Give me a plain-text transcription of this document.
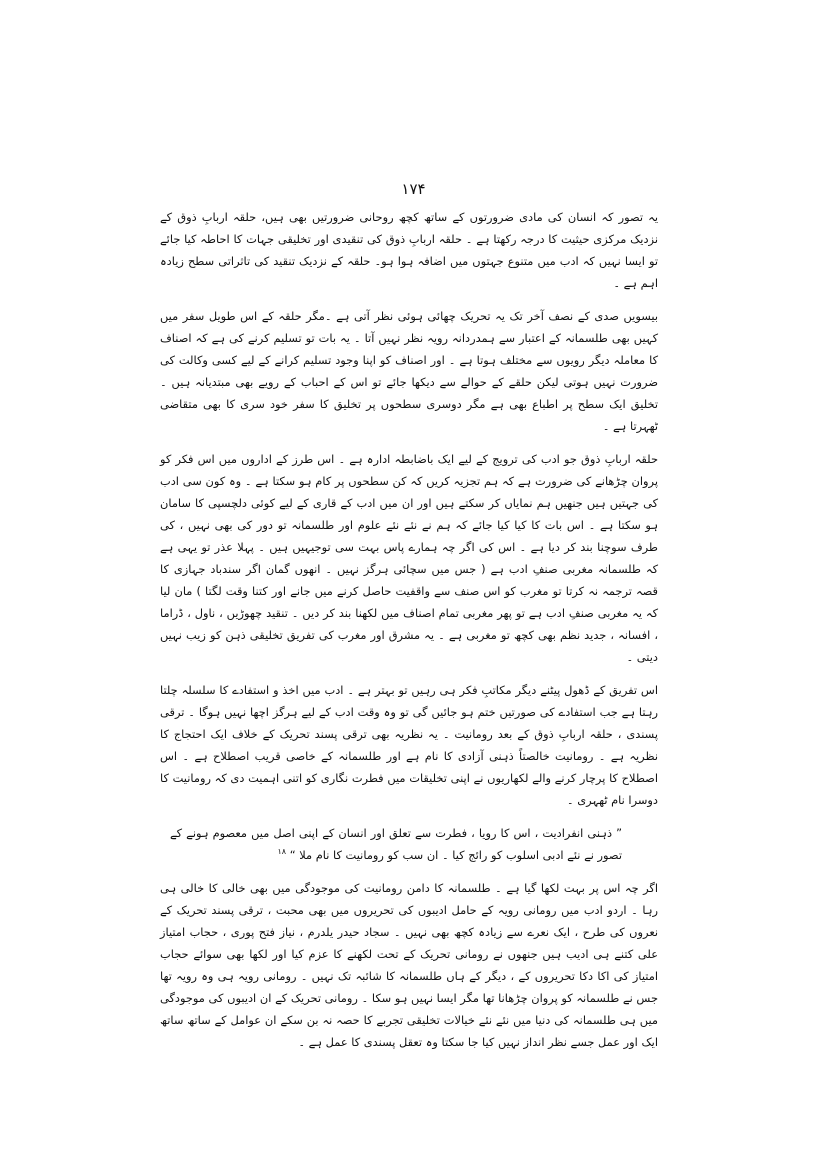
۱۷۴

یہ تصور کہ انسان کی مادی ضرورتوں کے ساتھ کچھ روحانی ضرورتیں بھی ہیں، حلقہ اربابِ ذوق کے نزدیک مرکزی حیثیت کا درجہ رکھتا ہے ۔ حلقہ اربابِ ذوق کی تنقیدی اور تخلیقی جہات کا احاطہ کیا جائے تو ایسا نہیں کہ ادب میں متنوع جہتوں میں اضافہ ہوا ہو۔ حلقہ کے نزدیک تنقید کی تاثراتی سطح زیادہ اہم ہے ۔

بیسویں صدی کے نصف آخر تک یہ تحریک چھائی ہوئی نظر آتی ہے ۔مگر حلقہ کے اس طویل سفر میں کہیں بھی طلسمانہ کے اعتبار سے ہمدردانہ رویہ نظر نہیں آتا ۔ یہ بات تو تسلیم کرنے کی ہے کہ اصناف کا معاملہ دیگر رویوں سے مختلف ہوتا ہے ۔ اور اصناف کو اپنا وجود تسلیم کرانے کے لیے کسی وکالت کی ضرورت نہیں ہوتی لیکن حلقے کے حوالے سے دیکھا جائے تو اس کے احباب کے رویے بھی مبتدیانہ ہیں ۔ تخلیق ایک سطح پر اطباع بھی ہے مگر دوسری سطحوں پر تخلیق کا سفر خود سری کا بھی متقاضی ٹھہرتا ہے ۔

حلقہ اربابِ ذوق جو ادب کی ترویج کے لیے ایک باضابطہ ادارہ ہے ۔ اس طرز کے اداروں میں اس فکر کو پروان چڑھانے کی ضرورت ہے کہ ہم تجزیہ کریں کہ کن سطحوں پر کام ہو سکتا ہے ۔ وہ کون سی ادب کی جہتیں ہیں جنھیں ہم نمایاں کر سکتے ہیں اور ان میں ادب کے قاری کے لیے کوئی دلچسپی کا سامان ہو سکتا ہے ۔ اس بات کا کیا کیا جائے کہ ہم نے نئے نئے علوم اور طلسمانہ تو دور کی بھی نہیں ، کی طرف سوچنا بند کر دیا ہے ۔ اس کی اگر چہ ہمارے پاس بہت سی توجیہیں ہیں ۔ پہلا عذر تو یہی ہے کہ طلسمانہ مغربی صنفِ ادب ہے ( جس میں سچائی ہرگز نہیں ۔ انھوں گمان اگر سندباد جہازی کا قصہ ترجمہ نہ کرتا تو مغرب کو اس صنف سے واقفیت حاصل کرنے میں جانے اور کتنا وقت لگتا ) مان لیا کہ یہ مغربی صنفِ ادب ہے تو پھر مغربی تمام اصناف میں لکھنا بند کر دیں ۔ تنقید چھوڑیں ، ناول ، ڈراما ، افسانہ ، جدید نظم بھی کچھ تو مغربی ہے ۔ یہ مشرق اور مغرب کی تفریق تخلیقی ذہن کو زیب نہیں دیتی ۔

اس تفریق کے ڈھول پیٹنے دیگر مکاتبِ فکر ہی رہیں تو بہتر ہے ۔ ادب میں اخذ و استفادے کا سلسلہ چلتا رہتا ہے جب استفادے کی صورتیں ختم ہو جائیں گی تو وہ وقت ادب کے لیے ہرگز اچھا نہیں ہوگا ۔ ترقی پسندی ، حلقہ اربابِ ذوق کے بعد رومانیت ۔ یہ نظریہ بھی ترقی پسند تحریک کے خلاف ایک احتجاج کا نظریہ ہے ۔ رومانیت خالصتاً ذہنی آزادی کا نام ہے اور طلسمانہ کے خاصی قریب اصطلاح ہے ۔ اس اصطلاح کا پرچار کرنے والے لکھاریوں نے اپنی تخلیقات میں فطرت نگاری کو اتنی اہمیت دی کہ رومانیت کا دوسرا نام ٹھہری ۔

” ذہنی انفرادیت ، اس کا رویا ، فطرت سے تعلق اور انسان کے اپنی اصل میں معصوم ہونے کے تصور نے نئے ادبی اسلوب کو رائج کیا ۔ ان سب کو رومانیت کا نام ملا “ $^{۱۸}$

اگر چہ اس پر بہت لکھا گیا ہے ۔ طلسمانہ کا دامن رومانیت کی موجودگی میں بھی خالی کا خالی ہی رہا ۔ اردو ادب میں رومانی رویہ کے حامل ادیبوں کی تحریروں میں بھی محبت ، ترقی پسند تحریک کے نعروں کی طرح ، ایک نعرے سے زیادہ کچھ بھی نہیں ۔ سجاد حیدر یلدرم ، نیاز فتح پوری ، حجاب امتیاز علی کتنے ہی ادیب ہیں جنھوں نے رومانی تحریک کے تحت لکھنے کا عزم کیا اور لکھا بھی سوائے حجاب امتیاز کی اکا دکا تحریروں کے ، دیگر کے ہاں طلسمانہ کا شائبہ تک نہیں ۔ رومانی رویہ ہی وہ رویہ تھا جس نے طلسمانہ کو پروان چڑھانا تھا مگر ایسا نہیں ہو سکا ۔ رومانی تحریک کے ان ادیبوں کی موجودگی میں ہی طلسمانہ کی دنیا میں نئے نئے خیالات تخلیقی تجربے کا حصہ نہ بن سکے ان عوامل کے ساتھ ساتھ ایک اور عمل جسے نظر انداز نہیں کیا جا سکتا وہ تعقل پسندی کا عمل ہے ۔
